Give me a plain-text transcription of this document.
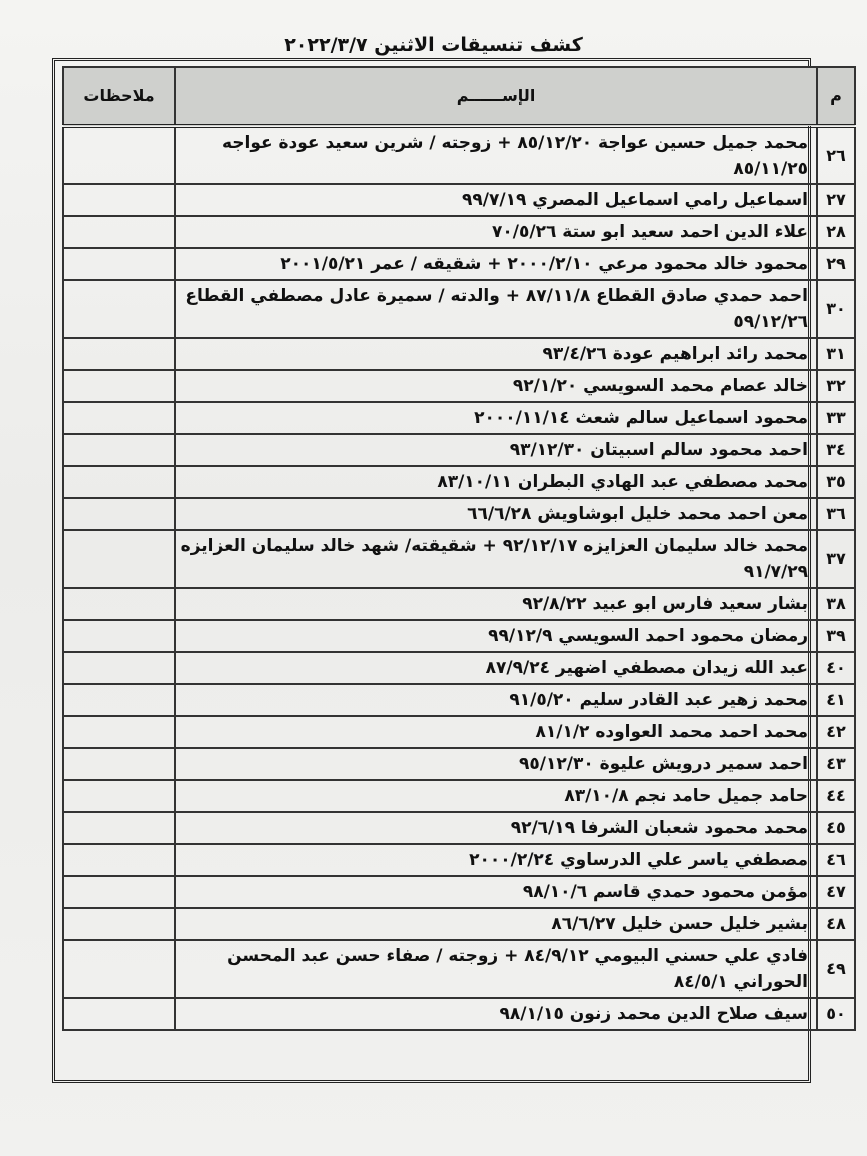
كشف تنسيقات الاثنين ٢٠٢٢/٣/٧
م	الإســــــم	ملاحظات
٢٦	محمد جميل حسين عواجة ٨٥/١٢/٢٠ + زوجته / شرين سعيد عودة عواجه ٨٥/١١/٢٥	
٢٧	اسماعيل رامي اسماعيل المصري ٩٩/٧/١٩	
٢٨	علاء الدين احمد سعيد ابو ستة ٧٠/٥/٢٦	
٢٩	محمود خالد محمود مرعي ٢٠٠٠/٢/١٠ + شقيقه / عمر ٢٠٠١/٥/٢١	
٣٠	احمد حمدي صادق القطاع ٨٧/١١/٨ + والدته / سميرة عادل مصطفي القطاع ٥٩/١٢/٢٦	
٣١	محمد رائد ابراهيم عودة ٩٣/٤/٢٦	
٣٢	خالد عصام محمد السويسي ٩٢/١/٢٠	
٣٣	محمود اسماعيل سالم شعث ٢٠٠٠/١١/١٤	
٣٤	احمد محمود سالم اسبيتان ٩٣/١٢/٣٠	
٣٥	محمد مصطفي عبد الهادي البطران ٨٣/١٠/١١	
٣٦	معن احمد محمد خليل ابوشاويش ٦٦/٦/٢٨	
٣٧	محمد خالد سليمان العزايزه ٩٢/١٢/١٧ + شقيقته/ شهد خالد سليمان العزايزه ٩١/٧/٢٩	
٣٨	بشار سعيد فارس ابو عبيد ٩٢/٨/٢٢	
٣٩	رمضان محمود احمد السويسي ٩٩/١٢/٩	
٤٠	عبد الله زيدان مصطفي اضهير ٨٧/٩/٢٤	
٤١	محمد زهير عبد القادر سليم ٩١/٥/٢٠	
٤٢	محمد احمد محمد العواوده ٨١/١/٢	
٤٣	احمد سمير درويش عليوة ٩٥/١٢/٣٠	
٤٤	حامد جميل حامد نجم ٨٣/١٠/٨	
٤٥	محمد محمود شعبان الشرفا ٩٢/٦/١٩	
٤٦	مصطفي ياسر علي الدرساوي ٢٠٠٠/٢/٢٤	
٤٧	مؤمن محمود حمدي قاسم ٩٨/١٠/٦	
٤٨	بشير خليل حسن خليل ٨٦/٦/٢٧	
٤٩	فادي علي حسني البيومي ٨٤/٩/١٢ + زوجته / صفاء حسن عبد المحسن الحوراني ٨٤/٥/١	
٥٠	سيف صلاح الدين محمد زنون ٩٨/١/١٥	
